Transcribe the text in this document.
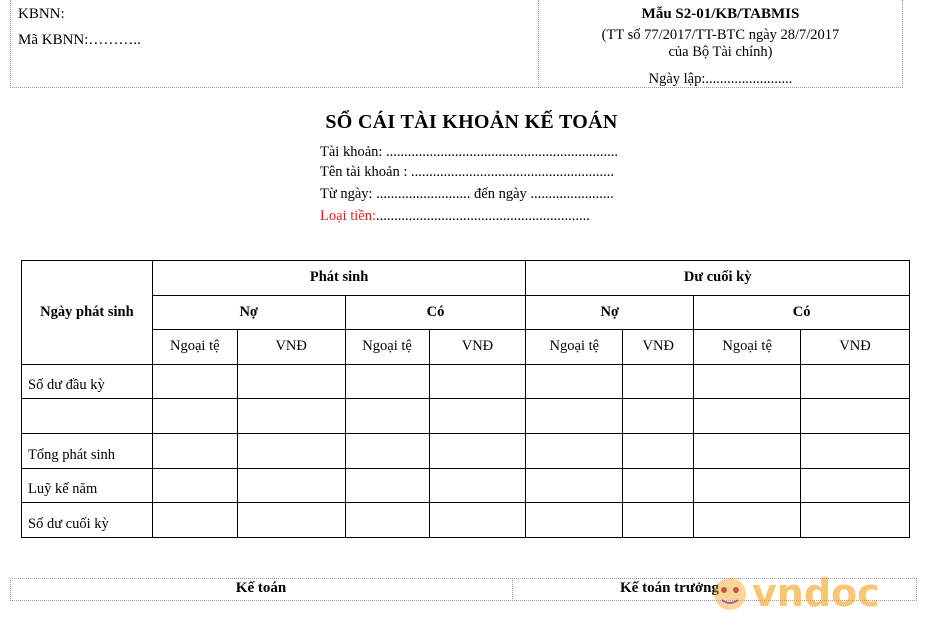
KBNN:
Mã KBNN:………..
Mẫu S2-01/KB/TABMIS
(TT số 77/2017/TT-BTC ngày 28/7/2017
của Bộ Tài chính)
Ngày lập:........................
SỔ CÁI TÀI KHOẢN KẾ TOÁN
Tài khoản: ................................................................
Tên tài khoản : ........................................................
Từ ngày: .......................... đến ngày .......................
Loại tiền:...........................................................
Ngày phát sinh	Phát sinh				Dư cuối kỳ			
	Nợ		Có		Nợ		Có	
	Ngoại tệ	VNĐ	Ngoại tệ	VNĐ	Ngoại tệ	VNĐ	Ngoại tệ	VNĐ
Số dư đầu kỳ								

Tổng phát sinh								
Luỹ kế năm								
Số dư cuối kỳ								
Kế toán	Kế toán trưởng vndoc
